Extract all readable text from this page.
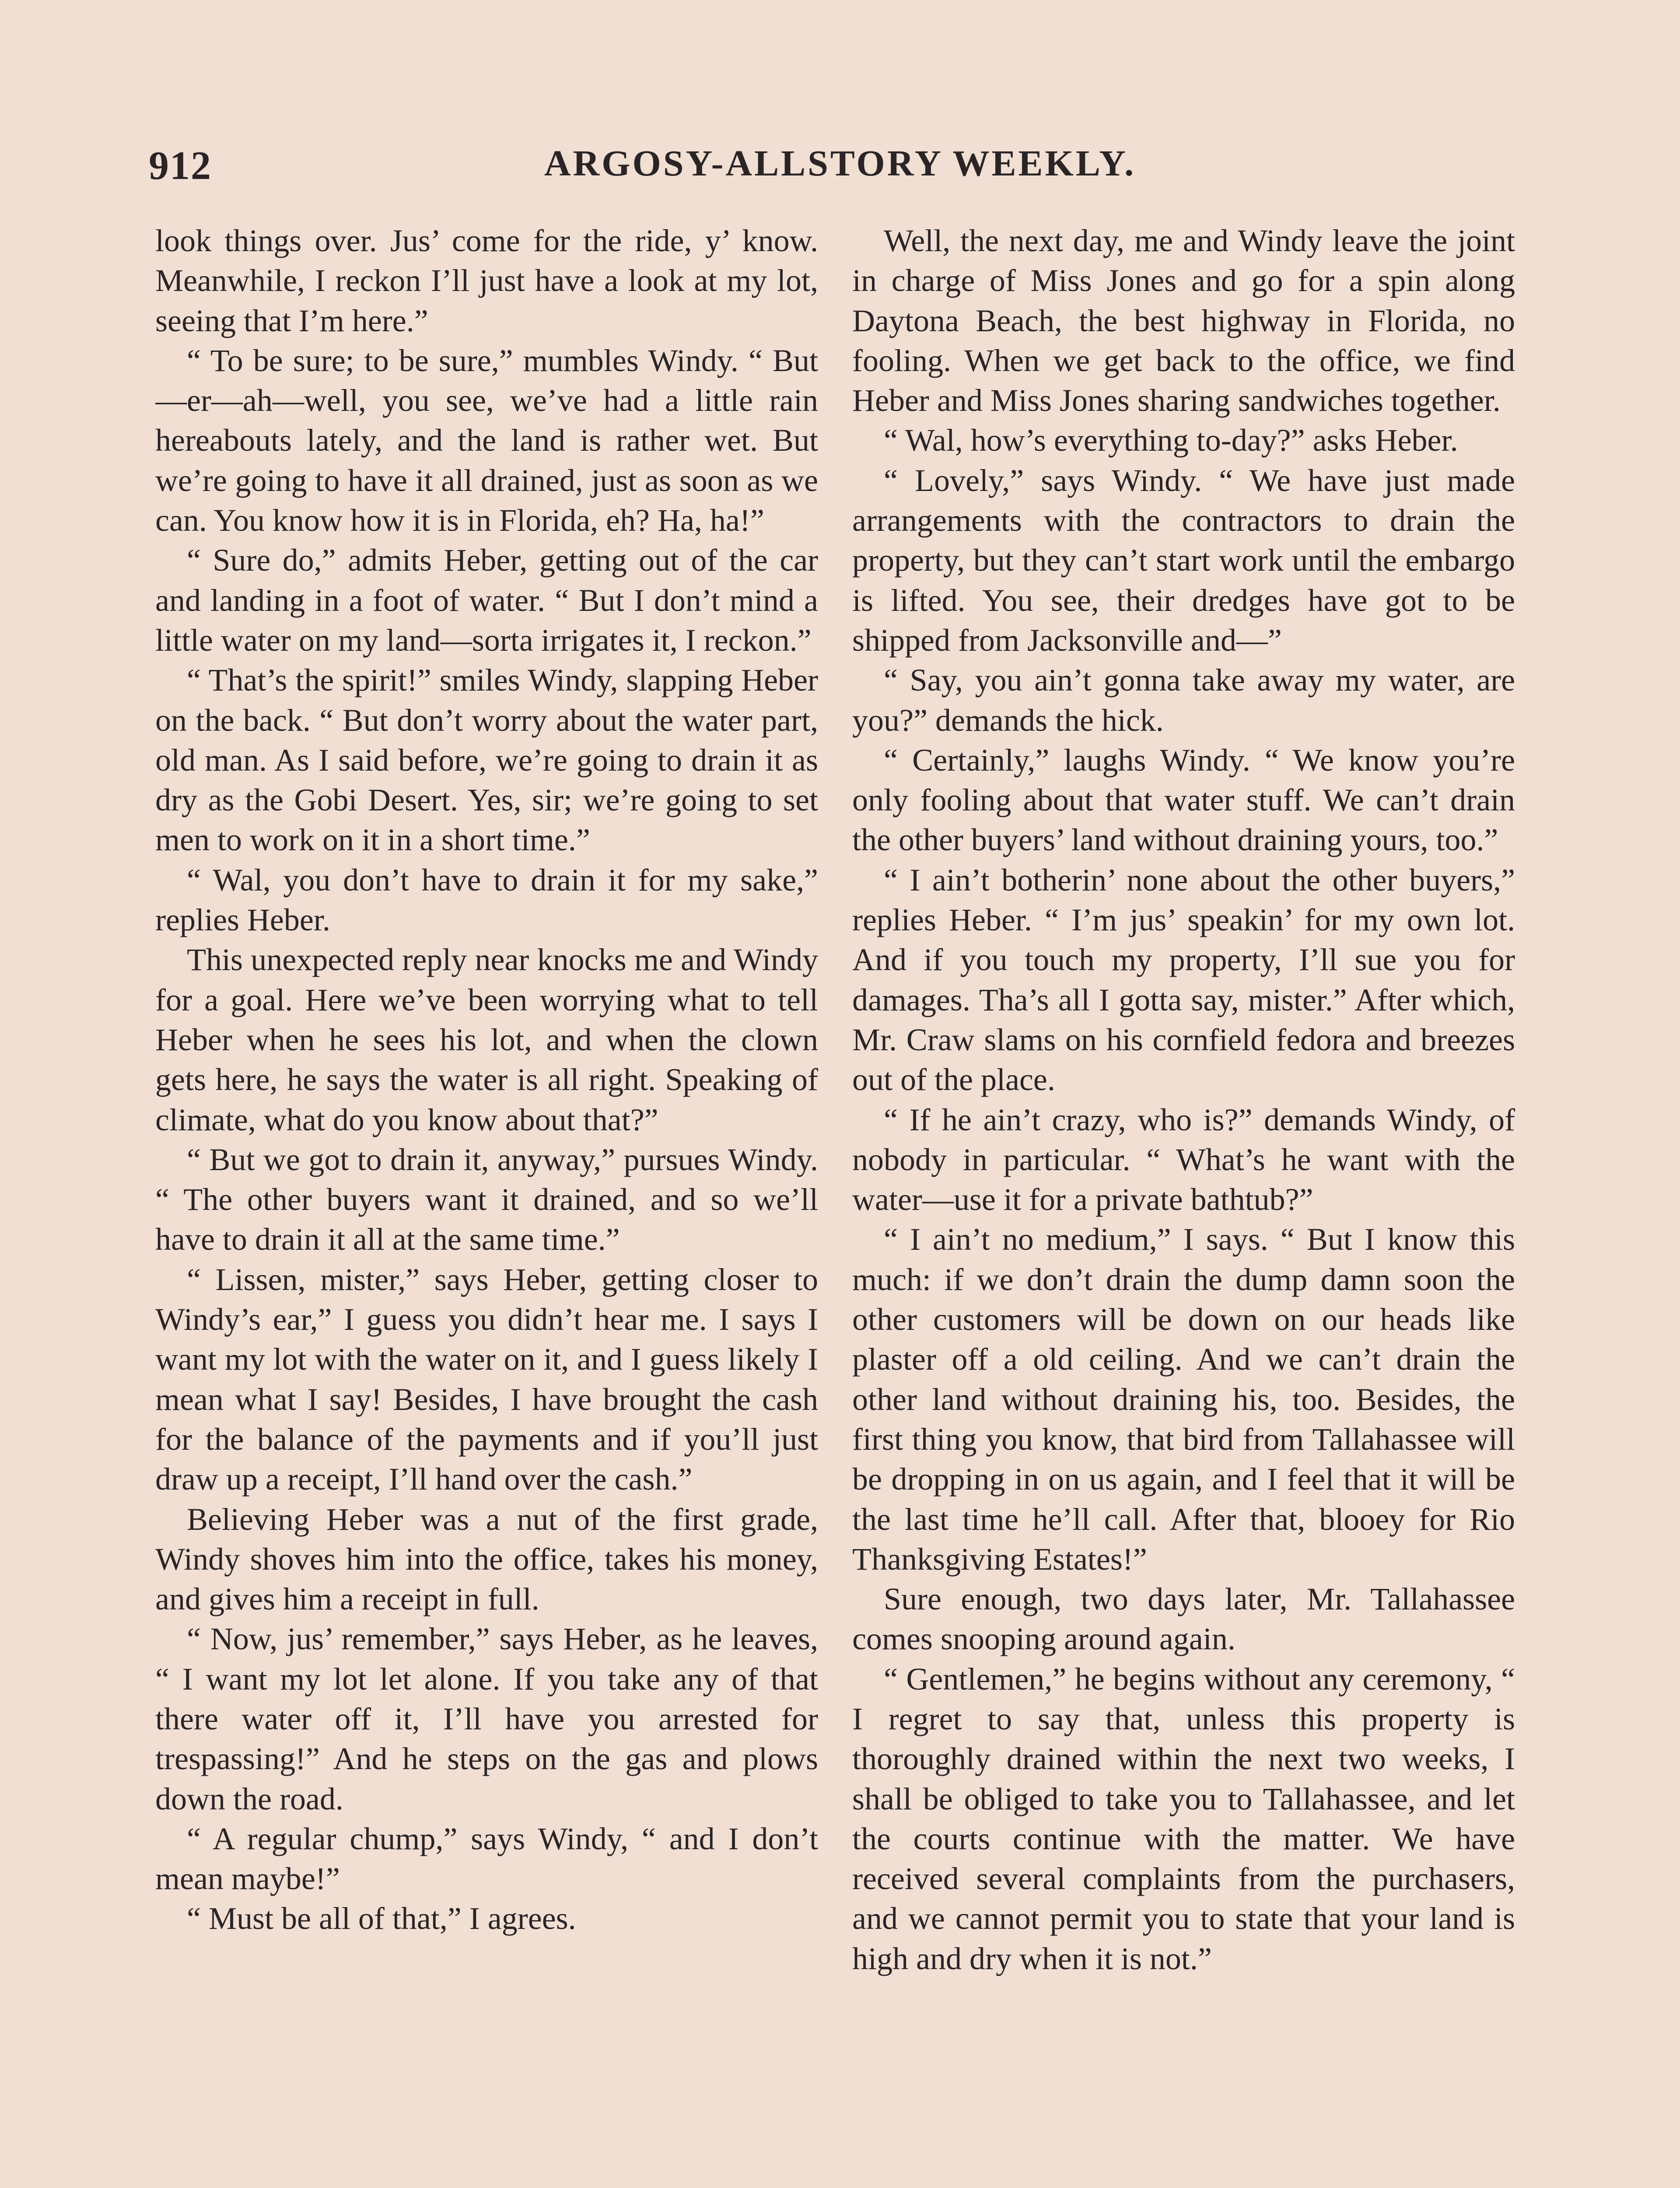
912	ARGOSY-ALLSTORY WEEKLY.

look things over. Jus’ come for the ride, y’ know. Meanwhile, I reckon I’ll just have a look at my lot, seeing that I’m here.”

“ To be sure; to be sure,” mumbles Windy. “ But—er—ah—well, you see, we’ve had a little rain hereabouts lately, and the land is rather wet. But we’re going to have it all drained, just as soon as we can. You know how it is in Florida, eh? Ha, ha!”

“ Sure do,” admits Heber, getting out of the car and landing in a foot of water. “ But I don’t mind a little water on my land—sorta irrigates it, I reckon.”

“ That’s the spirit!” smiles Windy, slapping Heber on the back. “ But don’t worry about the water part, old man. As I said before, we’re going to drain it as dry as the Gobi Desert. Yes, sir; we’re going to set men to work on it in a short time.”

“ Wal, you don’t have to drain it for my sake,” replies Heber.

This unexpected reply near knocks me and Windy for a goal. Here we’ve been worrying what to tell Heber when he sees his lot, and when the clown gets here, he says the water is all right. Speaking of climate, what do you know about that?”

“ But we got to drain it, anyway,” pursues Windy. “ The other buyers want it drained, and so we’ll have to drain it all at the same time.”

“ Lissen, mister,” says Heber, getting closer to Windy’s ear,” I guess you didn’t hear me. I says I want my lot with the water on it, and I guess likely I mean what I say! Besides, I have brought the cash for the balance of the payments and if you’ll just draw up a receipt, I’ll hand over the cash.”

Believing Heber was a nut of the first grade, Windy shoves him into the office, takes his money, and gives him a receipt in full.

“ Now, jus’ remember,” says Heber, as he leaves, “ I want my lot let alone. If you take any of that there water off it, I’ll have you arrested for trespassing!” And he steps on the gas and plows down the road.

“ A regular chump,” says Windy, “ and I don’t mean maybe!”

“ Must be all of that,” I agrees.

Well, the next day, me and Windy leave the joint in charge of Miss Jones and go for a spin along Daytona Beach, the best highway in Florida, no fooling. When we get back to the office, we find Heber and Miss Jones sharing sandwiches together.

“ Wal, how’s everything to-day?” asks Heber.

“ Lovely,” says Windy. “ We have just made arrangements with the contractors to drain the property, but they can’t start work until the embargo is lifted. You see, their dredges have got to be shipped from Jacksonville and—”

“ Say, you ain’t gonna take away my water, are you?” demands the hick.

“ Certainly,” laughs Windy. “ We know you’re only fooling about that water stuff. We can’t drain the other buyers’ land without draining yours, too.”

“ I ain’t botherin’ none about the other buyers,” replies Heber. “ I’m jus’ speakin’ for my own lot. And if you touch my property, I’ll sue you for damages. Tha’s all I gotta say, mister.” After which, Mr. Craw slams on his cornfield fedora and breezes out of the place.

“ If he ain’t crazy, who is?” demands Windy, of nobody in particular. “ What’s he want with the water—use it for a private bathtub?”

“ I ain’t no medium,” I says. “ But I know this much: if we don’t drain the dump damn soon the other customers will be down on our heads like plaster off a old ceiling. And we can’t drain the other land without draining his, too. Besides, the first thing you know, that bird from Tallahassee will be dropping in on us again, and I feel that it will be the last time he’ll call. After that, blooey for Rio Thanksgiving Estates!”

Sure enough, two days later, Mr. Tallahassee comes snooping around again.

“ Gentlemen,” he begins without any ceremony, “ I regret to say that, unless this property is thoroughly drained within the next two weeks, I shall be obliged to take you to Tallahassee, and let the courts continue with the matter. We have received several complaints from the purchasers, and we cannot permit you to state that your land is high and dry when it is not.”
